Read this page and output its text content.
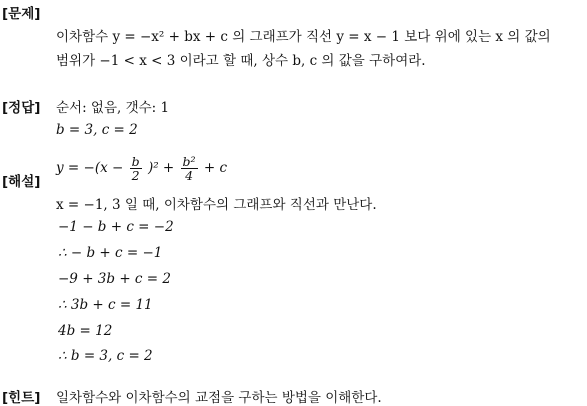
[문제]
이차함수 y = −x² + bx + c 의 그래프가 직선 y = x − 1 보다 위에 있는 x 의 값의
범위가 −1 < x < 3 이라고 할 때, 상수 b, c 의 값을 구하여라.
[정답] 순서: 없음, 갯수: 1
b = 3, c = 2
[해설]
$y = -(x - \frac{b}{2} )^2 + \frac{\text{b²}}{4} + c$
x = −1, 3 일 때, 이차함수의 그래프와 직선과 만난다.
−1 − b + c = −2
∴ − b + c = −1
−9 + 3b + c = 2
∴ 3b + c = 11
4b = 12
∴ b = 3, c = 2
[힌트] 일차함수와 이차함수의 교점을 구하는 방법을 이해한다.
